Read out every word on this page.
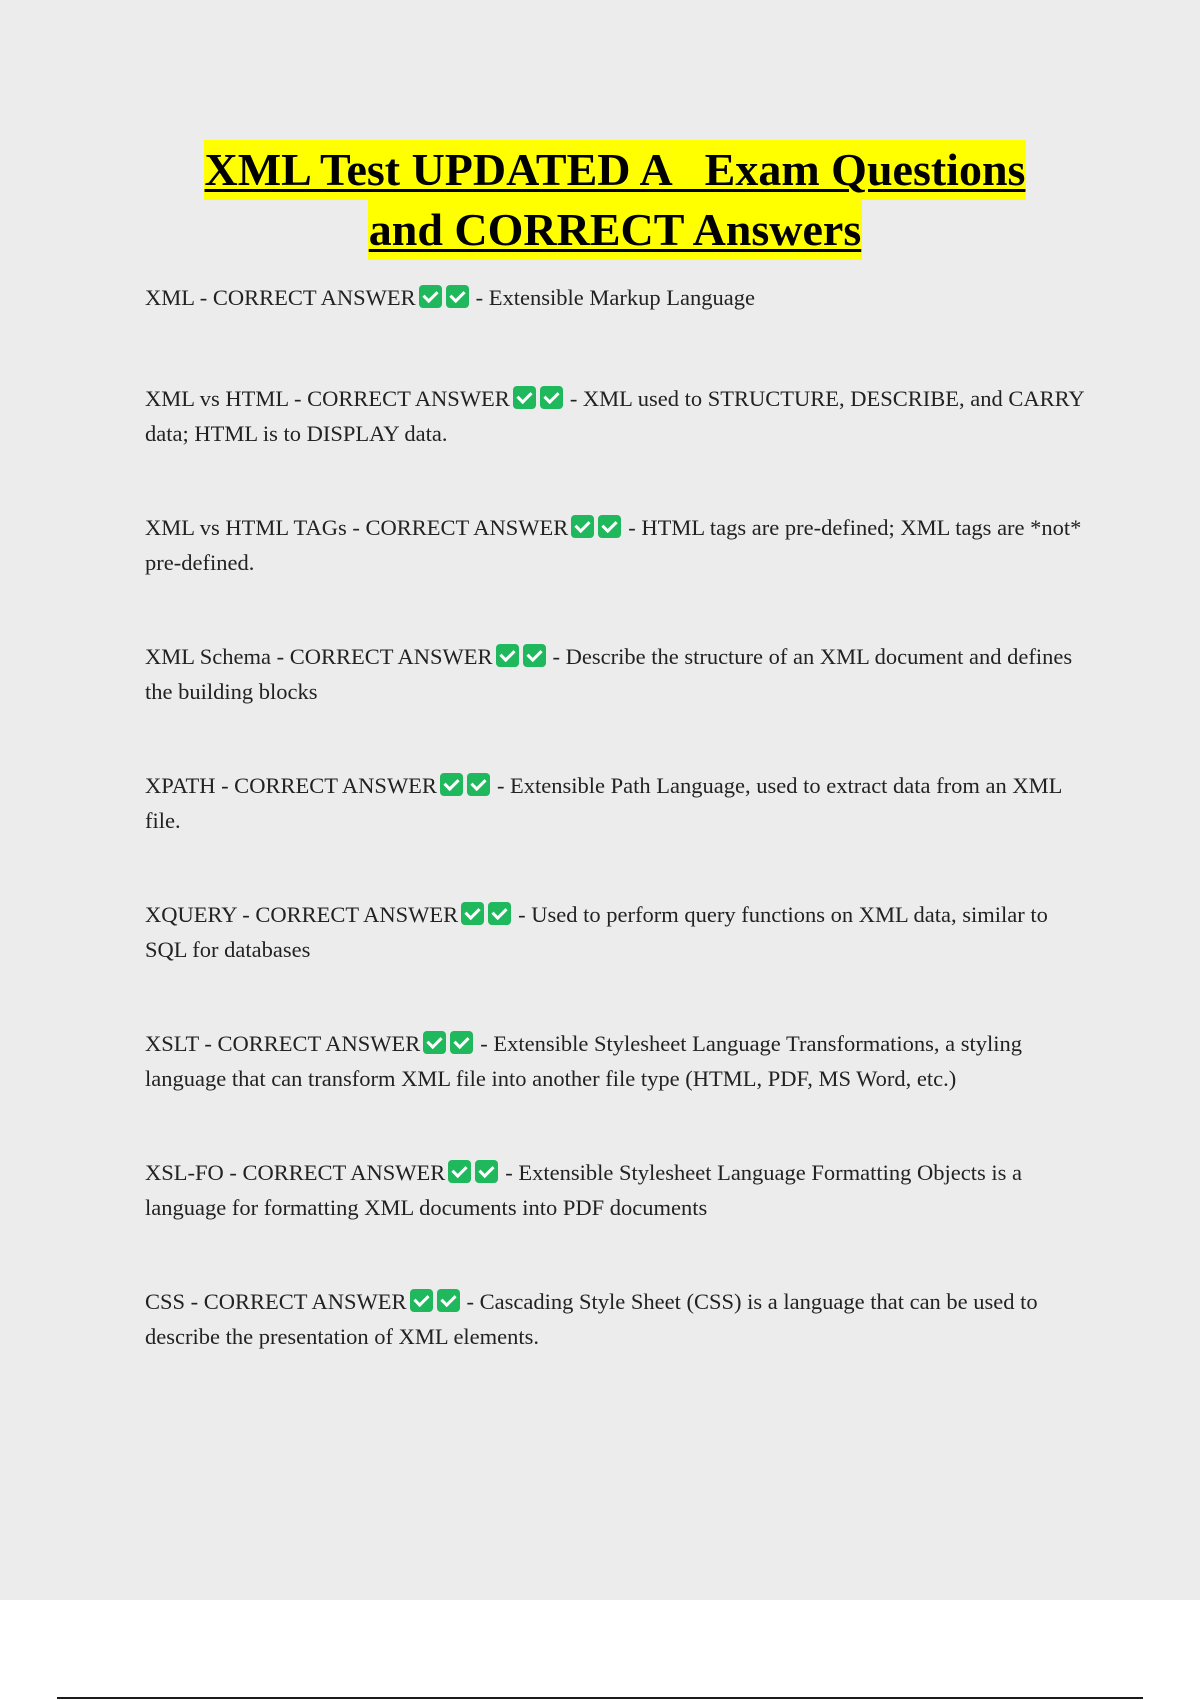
XML Test UPDATED A   Exam Questions
and CORRECT Answers

XML - CORRECT ANSWER	- Extensible Markup Language

XML vs HTML - CORRECT ANSWER	- XML used to STRUCTURE, DESCRIBE, and CARRY data; HTML is to DISPLAY data.

XML vs HTML TAGs - CORRECT ANSWER	- HTML tags are pre-defined; XML tags are *not* pre-defined.

XML Schema - CORRECT ANSWER	- Describe the structure of an XML document and defines the building blocks

XPATH - CORRECT ANSWER	- Extensible Path Language, used to extract data from an XML file.

XQUERY - CORRECT ANSWER	- Used to perform query functions on XML data, similar to SQL for databases

XSLT - CORRECT ANSWER	- Extensible Stylesheet Language Transformations, a styling language that can transform XML file into another file type (HTML, PDF, MS Word, etc.)

XSL-FO - CORRECT ANSWER	- Extensible Stylesheet Language Formatting Objects is a language for formatting XML documents into PDF documents

CSS - CORRECT ANSWER	- Cascading Style Sheet (CSS) is a language that can be used to describe the presentation of XML elements.
